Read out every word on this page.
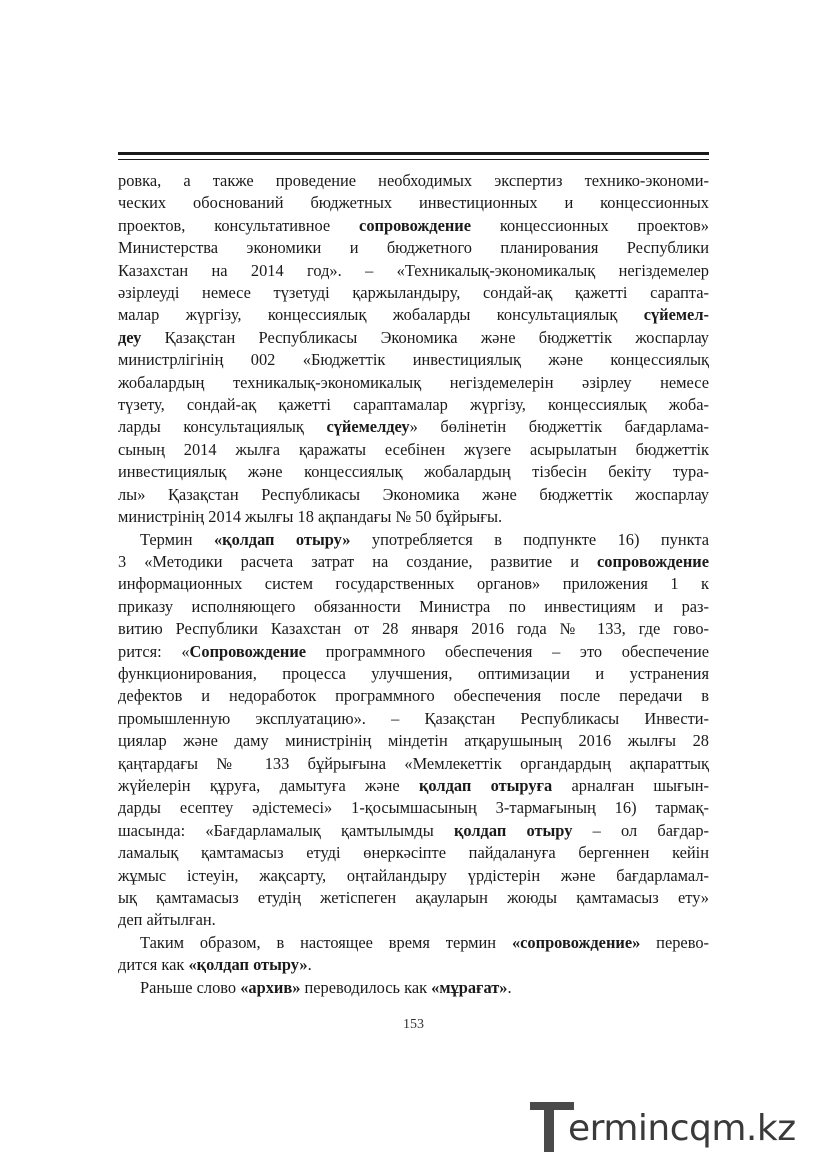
ровка, а также проведение необходимых экспертиз технико-экономи-
ческих обоснований бюджетных инвестиционных и концессионных
проектов, консультативное сопровождение концессионных проектов»
Министерства экономики и бюджетного планирования Республики
Казахстан на 2014 год». – «Техникалық-экономикалық негіздемелер
әзірлеуді немесе түзетуді қаржыландыру, сондай-ақ қажетті сарапта-
малар жүргізу, концессиялық жобаларды консультациялық сүйемел-
деу Қазақстан Республикасы Экономика және бюджеттік жоспарлау
министрлігінің 002 «Бюджеттік инвестициялық және концессиялық
жобалардың техникалық-экономикалық негіздемелерін әзірлеу немесе
түзету, сондай-ақ қажетті сараптамалар жүргізу, концессиялық жоба-
ларды консультациялық сүйемелдеу» бөлінетін бюджеттік бағдарлама-
сының 2014 жылға қаражаты есебінен жүзеге асырылатын бюджеттік
инвестициялық және концессиялық жобалардың тізбесін бекіту тура-
лы» Қазақстан Республикасы Экономика және бюджеттік жоспарлау
министрінің 2014 жылғы 18 ақпандағы № 50 бұйрығы.

Термин «қолдап отыру» употребляется в подпункте 16) пункта
3 «Методики расчета затрат на создание, развитие и сопровождение
информационных систем государственных органов» приложения 1 к
приказу исполняющего обязанности Министра по инвестициям и раз-
витию Республики Казахстан от 28 января 2016 года № 133, где гово-
рится: «Сопровождение программного обеспечения – это обеспечение
функционирования, процесса улучшения, оптимизации и устранения
дефектов и недоработок программного обеспечения после передачи в
промышленную эксплуатацию». – Қазақстан Республикасы Инвести-
циялар және даму министрінің міндетін атқарушының 2016 жылғы 28
қаңтардағы № 133 бұйрығына «Мемлекеттік органдардың ақпараттық
жүйелерін құруға, дамытуға және қолдап отыруға арналған шығын-
дарды есептеу әдістемесі» 1-қосымшасының 3-тармағының 16) тармақ-
шасында: «Бағдарламалық қамтылымды қолдап отыру – ол бағдар-
ламалық қамтамасыз етуді өнеркәсіпте пайдалануға бергеннен кейін
жұмыс істеуін, жақсарту, оңтайландыру үрдістерін және бағдарламал-
ық қамтамасыз етудің жетіспеген ақауларын жоюды қамтамасыз ету»
деп айтылған.

Таким образом, в настоящее время термин «сопровождение» перево-
дится как «қолдап отыру».

Раньше слово «архив» переводилось как «мұрағат».

153
ermincqm.kz
